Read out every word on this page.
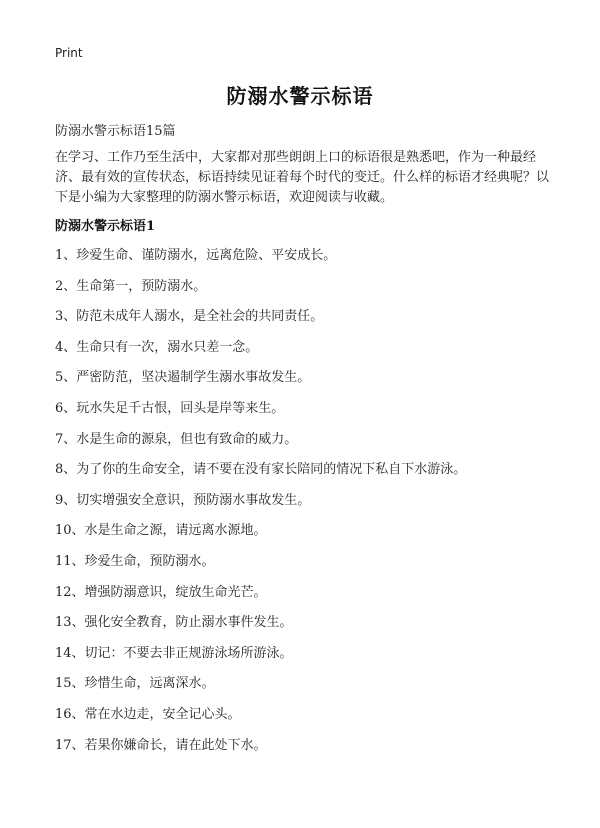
Print
防溺水警示标语
防溺水警示标语15篇
在学习、工作乃至生活中，大家都对那些朗朗上口的标语很是熟悉吧，作为一种最经济、最有效的宣传状态，标语持续见证着每个时代的变迁。什么样的标语才经典呢？以下是小编为大家整理的防溺水警示标语，欢迎阅读与收藏。
防溺水警示标语1
1、珍爱生命、谨防溺水，远离危险、平安成长。
2、生命第一，预防溺水。
3、防范未成年人溺水，是全社会的共同责任。
4、生命只有一次，溺水只差一念。
5、严密防范，坚决遏制学生溺水事故发生。
6、玩水失足千古恨，回头是岸等来生。
7、水是生命的源泉，但也有致命的威力。
8、为了你的生命安全，请不要在没有家长陪同的情况下私自下水游泳。
9、切实增强安全意识，预防溺水事故发生。
10、水是生命之源，请远离水源地。
11、珍爱生命，预防溺水。
12、增强防溺意识，绽放生命光芒。
13、强化安全教育，防止溺水事件发生。
14、切记：不要去非正规游泳场所游泳。
15、珍惜生命，远离深水。
16、常在水边走，安全记心头。
17、若果你嫌命长，请在此处下水。
